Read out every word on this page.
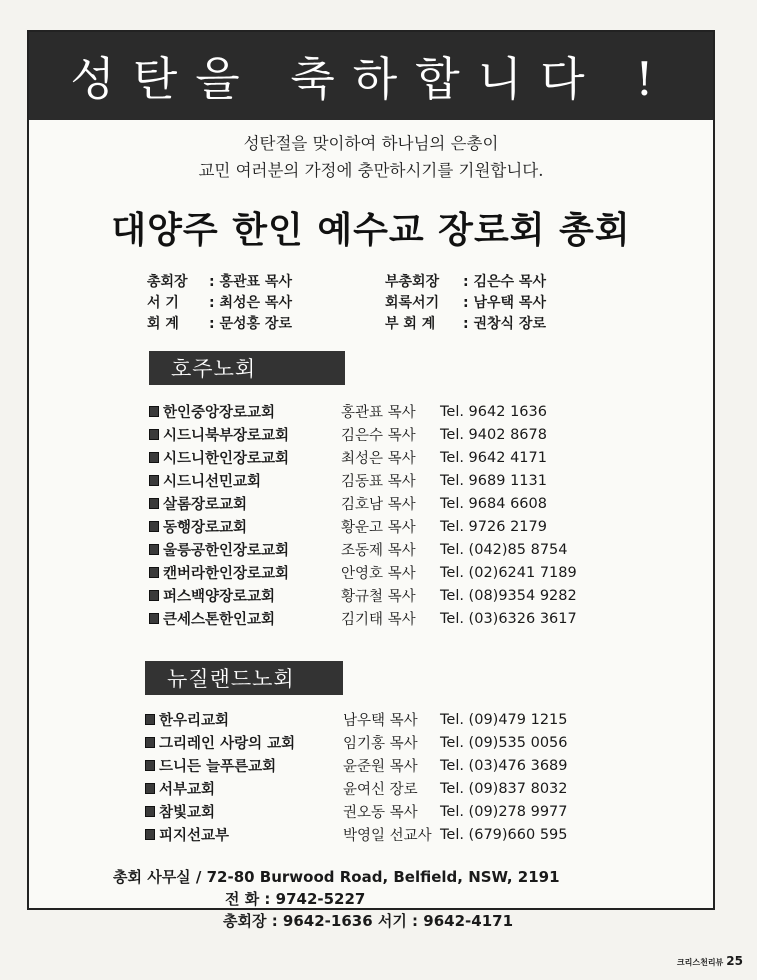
성탄을 축하합니다 !
성탄절을 맞이하여 하나님의 은총이
교민 여러분의 가정에 충만하시기를 기원합니다.
대양주 한인 예수교 장로회 총회
총회장 : 홍관표 목사	부총회장 : 김은수 목사
서 기 : 최성은 목사	회록서기 : 남우택 목사
회 계 : 문성홍 장로	부 회 계 : 권창식 장로
호주노회
한인중앙장로교회	홍관표 목사	Tel. 9642 1636
시드니북부장로교회	김은수 목사	Tel. 9402 8678
시드니한인장로교회	최성은 목사	Tel. 9642 4171
시드니선민교회	김동표 목사	Tel. 9689 1131
살롬장로교회	김호남 목사	Tel. 9684 6608
동행장로교회	황운고 목사	Tel. 9726 2179
울릉공한인장로교회	조동제 목사	Tel. (042)85 8754
캔버라한인장로교회	안영호 목사	Tel. (02)6241 7189
퍼스백양장로교회	황규철 목사	Tel. (08)9354 9282
큰세스톤한인교회	김기태 목사	Tel. (03)6326 3617
뉴질랜드노회
한우리교회	남우택 목사	Tel. (09)479 1215
그리레인 사랑의 교회	임기홍 목사	Tel. (09)535 0056
드니든 늘푸른교회	윤준원 목사	Tel. (03)476 3689
서부교회	윤여신 장로	Tel. (09)837 8032
참빛교회	권오동 목사	Tel. (09)278 9977
피지선교부	박영일 선교사 Tel. (679)660 595
총회 사무실 / 72-80 Burwood Road, Belfield, NSW, 2191
전 화 : 9742-5227
총회장 : 9642-1636 서기 : 9642-4171
크리스천리뷰 25
